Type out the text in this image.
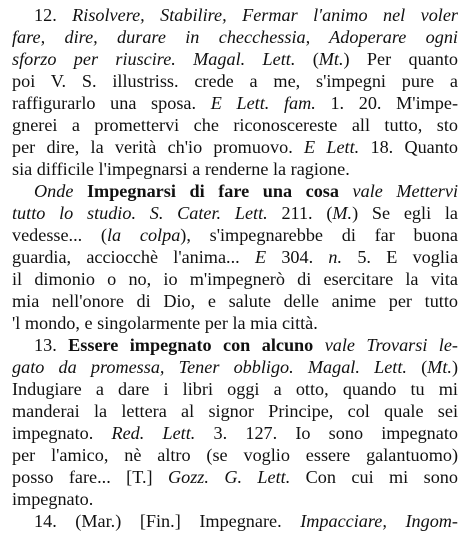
12. Risolvere, Stabilire, Fermar l'animo nel voler
fare, dire, durare in checchessia, Adoperare ogni
sforzo per riuscire. Magal. Lett. (Mt.) Per quanto
poi V. S. illustriss. crede a me, s'impegni pure a
raffigurarlo una sposa. E Lett. fam. 1. 20. M'impe-
gnerei a promettervi che riconoscereste all tutto, sto
per dire, la verità ch'io promuovo. E Lett. 18. Quanto
sia difficile l'impegnarsi a renderne la ragione.
Onde Impegnarsi di fare una cosa vale Mettervi
tutto lo studio. S. Cater. Lett. 211. (M.) Se egli la
vedesse... (la colpa), s'impegnarebbe di far buona
guardia, acciocchè l'anima... E 304. n. 5. E voglia
il dimonio o no, io m'impegnerò di esercitare la vita
mia nell'onore di Dio, e salute delle anime per tutto
'l mondo, e singolarmente per la mia città.
13. Essere impegnato con alcuno vale Trovarsi le-
gato da promessa, Tener obbligo. Magal. Lett. (Mt.)
Indugiare a dare i libri oggi a otto, quando tu mi
manderai la lettera al signor Principe, col quale sei
impegnato. Red. Lett. 3. 127. Io sono impegnato
per l'amico, nè altro (se voglio essere galantuomo)
posso fare... [T.] Gozz. G. Lett. Con cui mi sono
impegnato.
14. (Mar.) [Fin.] Impegnare. Impacciare, Ingom-
